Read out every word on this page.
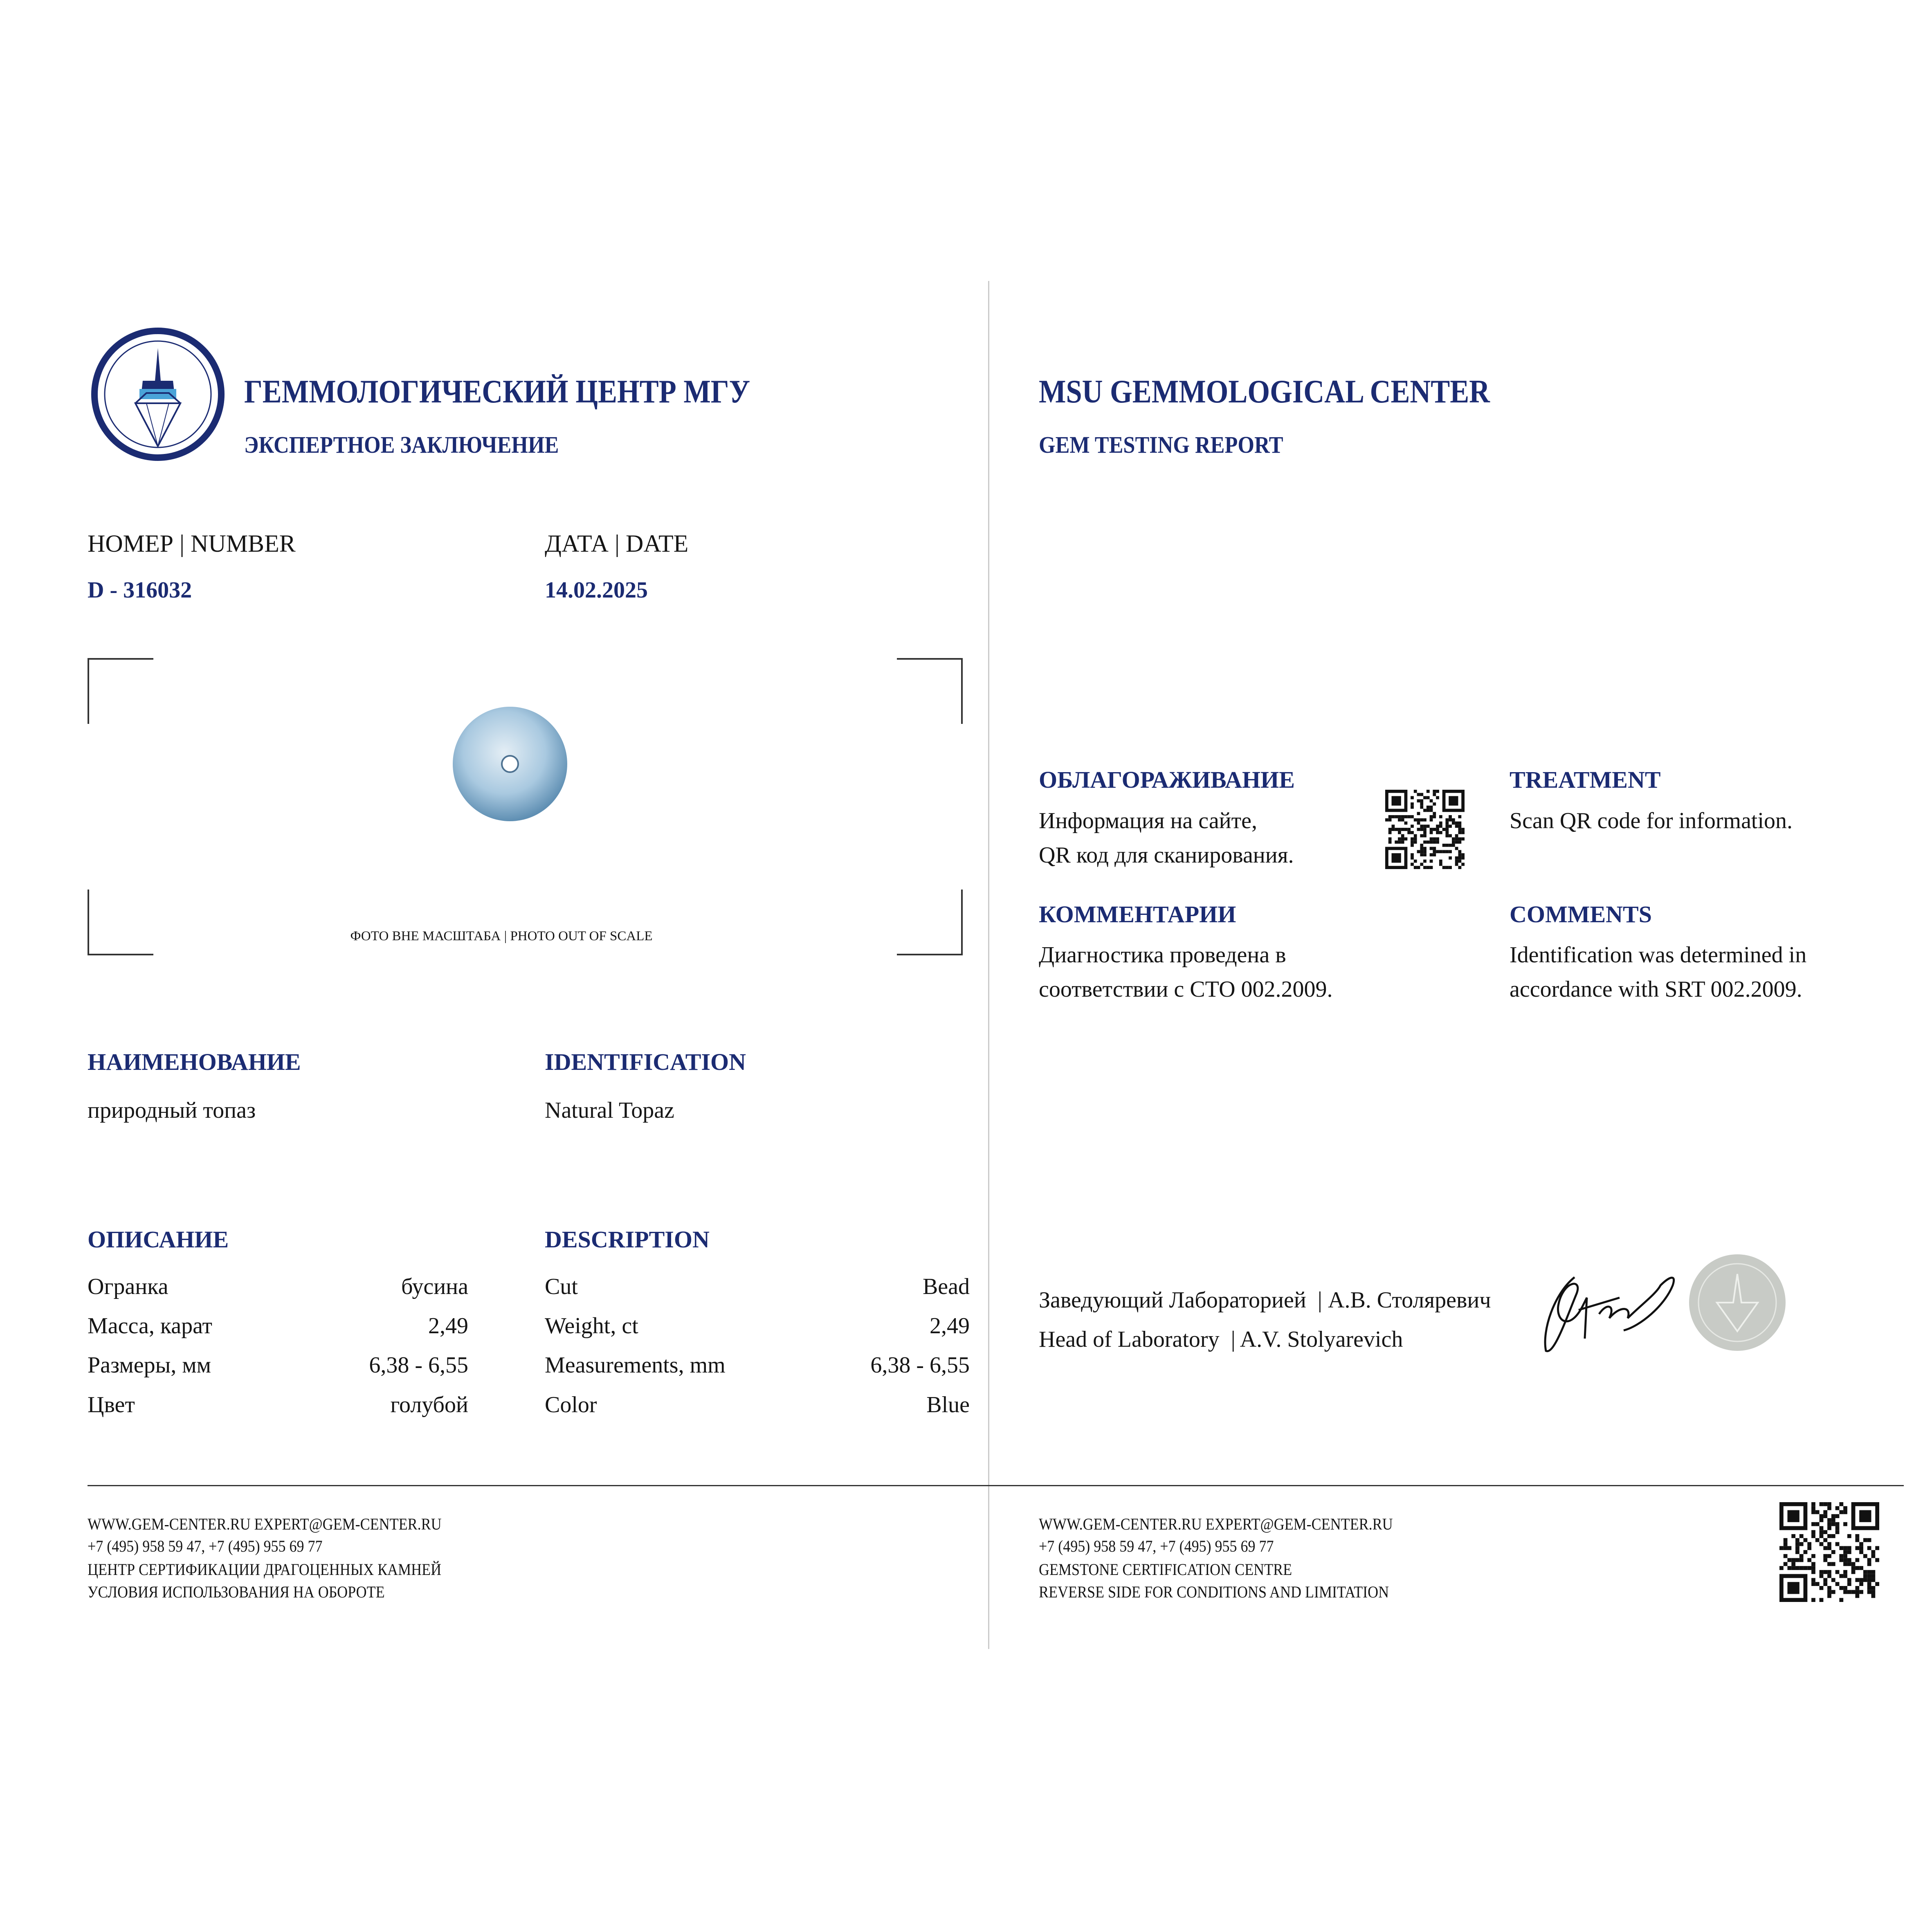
ГЕММОЛОГИЧЕСКИЙ ЦЕНТР МГУ
ЭКСПЕРТНОЕ ЗАКЛЮЧЕНИЕ
MSU GEMMOLOGICAL CENTER
GEM TESTING REPORT
НОМЕР | NUMBER
D - 316032
ДАТА | DATE
14.02.2025
ФОТО ВНЕ МАСШТАБА | PHOTO OUT OF SCALE
НАИМЕНОВАНИЕ
природный топаз
IDENTIFICATION
Natural Topaz
ОПИСАНИЕ	DESCRIPTION
Огранка	бусина
Масса, карат	2,49
Размеры, мм	6,38 - 6,55
Цвет	голубой
Cut	Bead
Weight, ct	2,49
Measurements, mm	6,38 - 6,55
Color	Blue
ОБЛАГОРАЖИВАНИЕ
Информация на сайте,
QR код для сканирования.
TREATMENT
Scan QR code for information.
КОММЕНТАРИИ
Диагностика проведена в
соответствии с СТО 002.2009.
COMMENTS
Identification was determined in
accordance with SRT 002.2009.
Заведующий Лабораторией  | А.В. Столяревич
Head of Laboratory  | A.V. Stolyarevich
WWW.GEM-CENTER.RU EXPERT@GEM-CENTER.RU
+7 (495) 958 59 47, +7 (495) 955 69 77
ЦЕНТР СЕРТИФИКАЦИИ ДРАГОЦЕННЫХ КАМНЕЙ
УСЛОВИЯ ИСПОЛЬЗОВАНИЯ НА ОБОРОТЕ
WWW.GEM-CENTER.RU EXPERT@GEM-CENTER.RU
+7 (495) 958 59 47, +7 (495) 955 69 77
GEMSTONE CERTIFICATION CENTRE
REVERSE SIDE FOR CONDITIONS AND LIMITATION
